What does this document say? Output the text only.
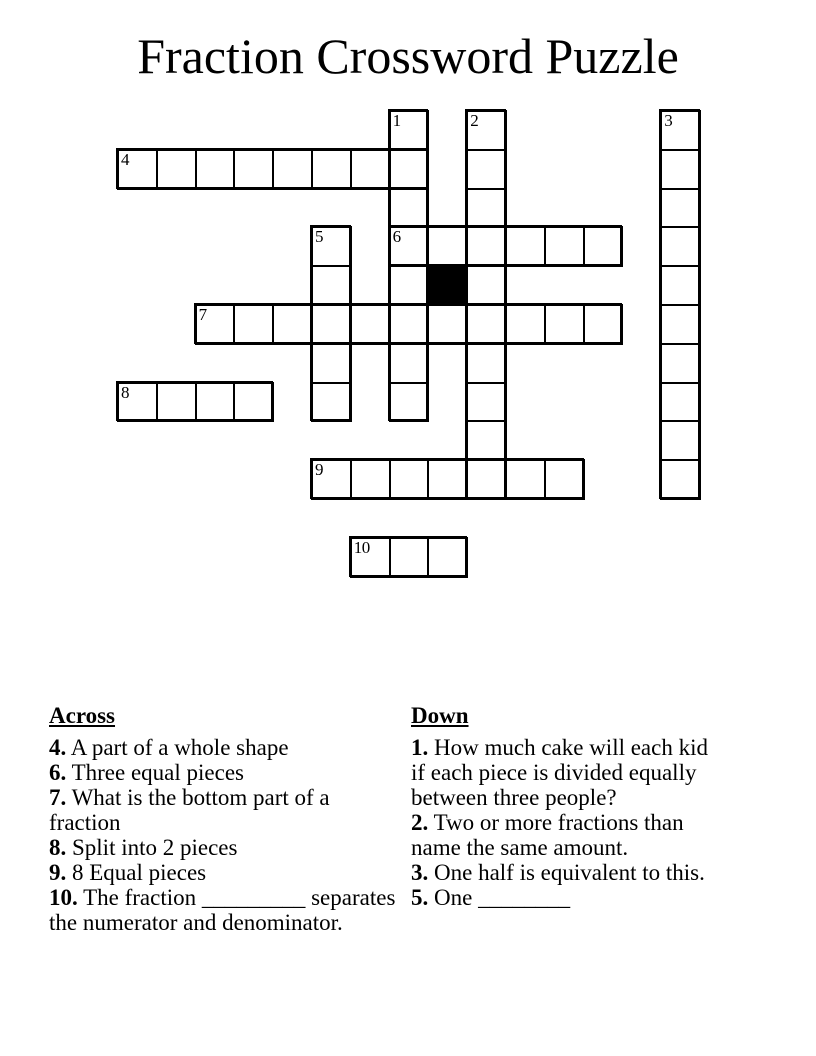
Fraction Crossword Puzzle
1	2	3
4
5	6
7
8
9
10
Across
4. A part of a whole shape
6. Three equal pieces
7. What is the bottom part of a fraction
8. Split into 2 pieces
9. 8 Equal pieces
10. The fraction _________ separates the numerator and denominator.
Down
1. How much cake will each kid if each piece is divided equally between three people?
2. Two or more fractions than name the same amount.
3. One half is equivalent to this.
5. One ________
